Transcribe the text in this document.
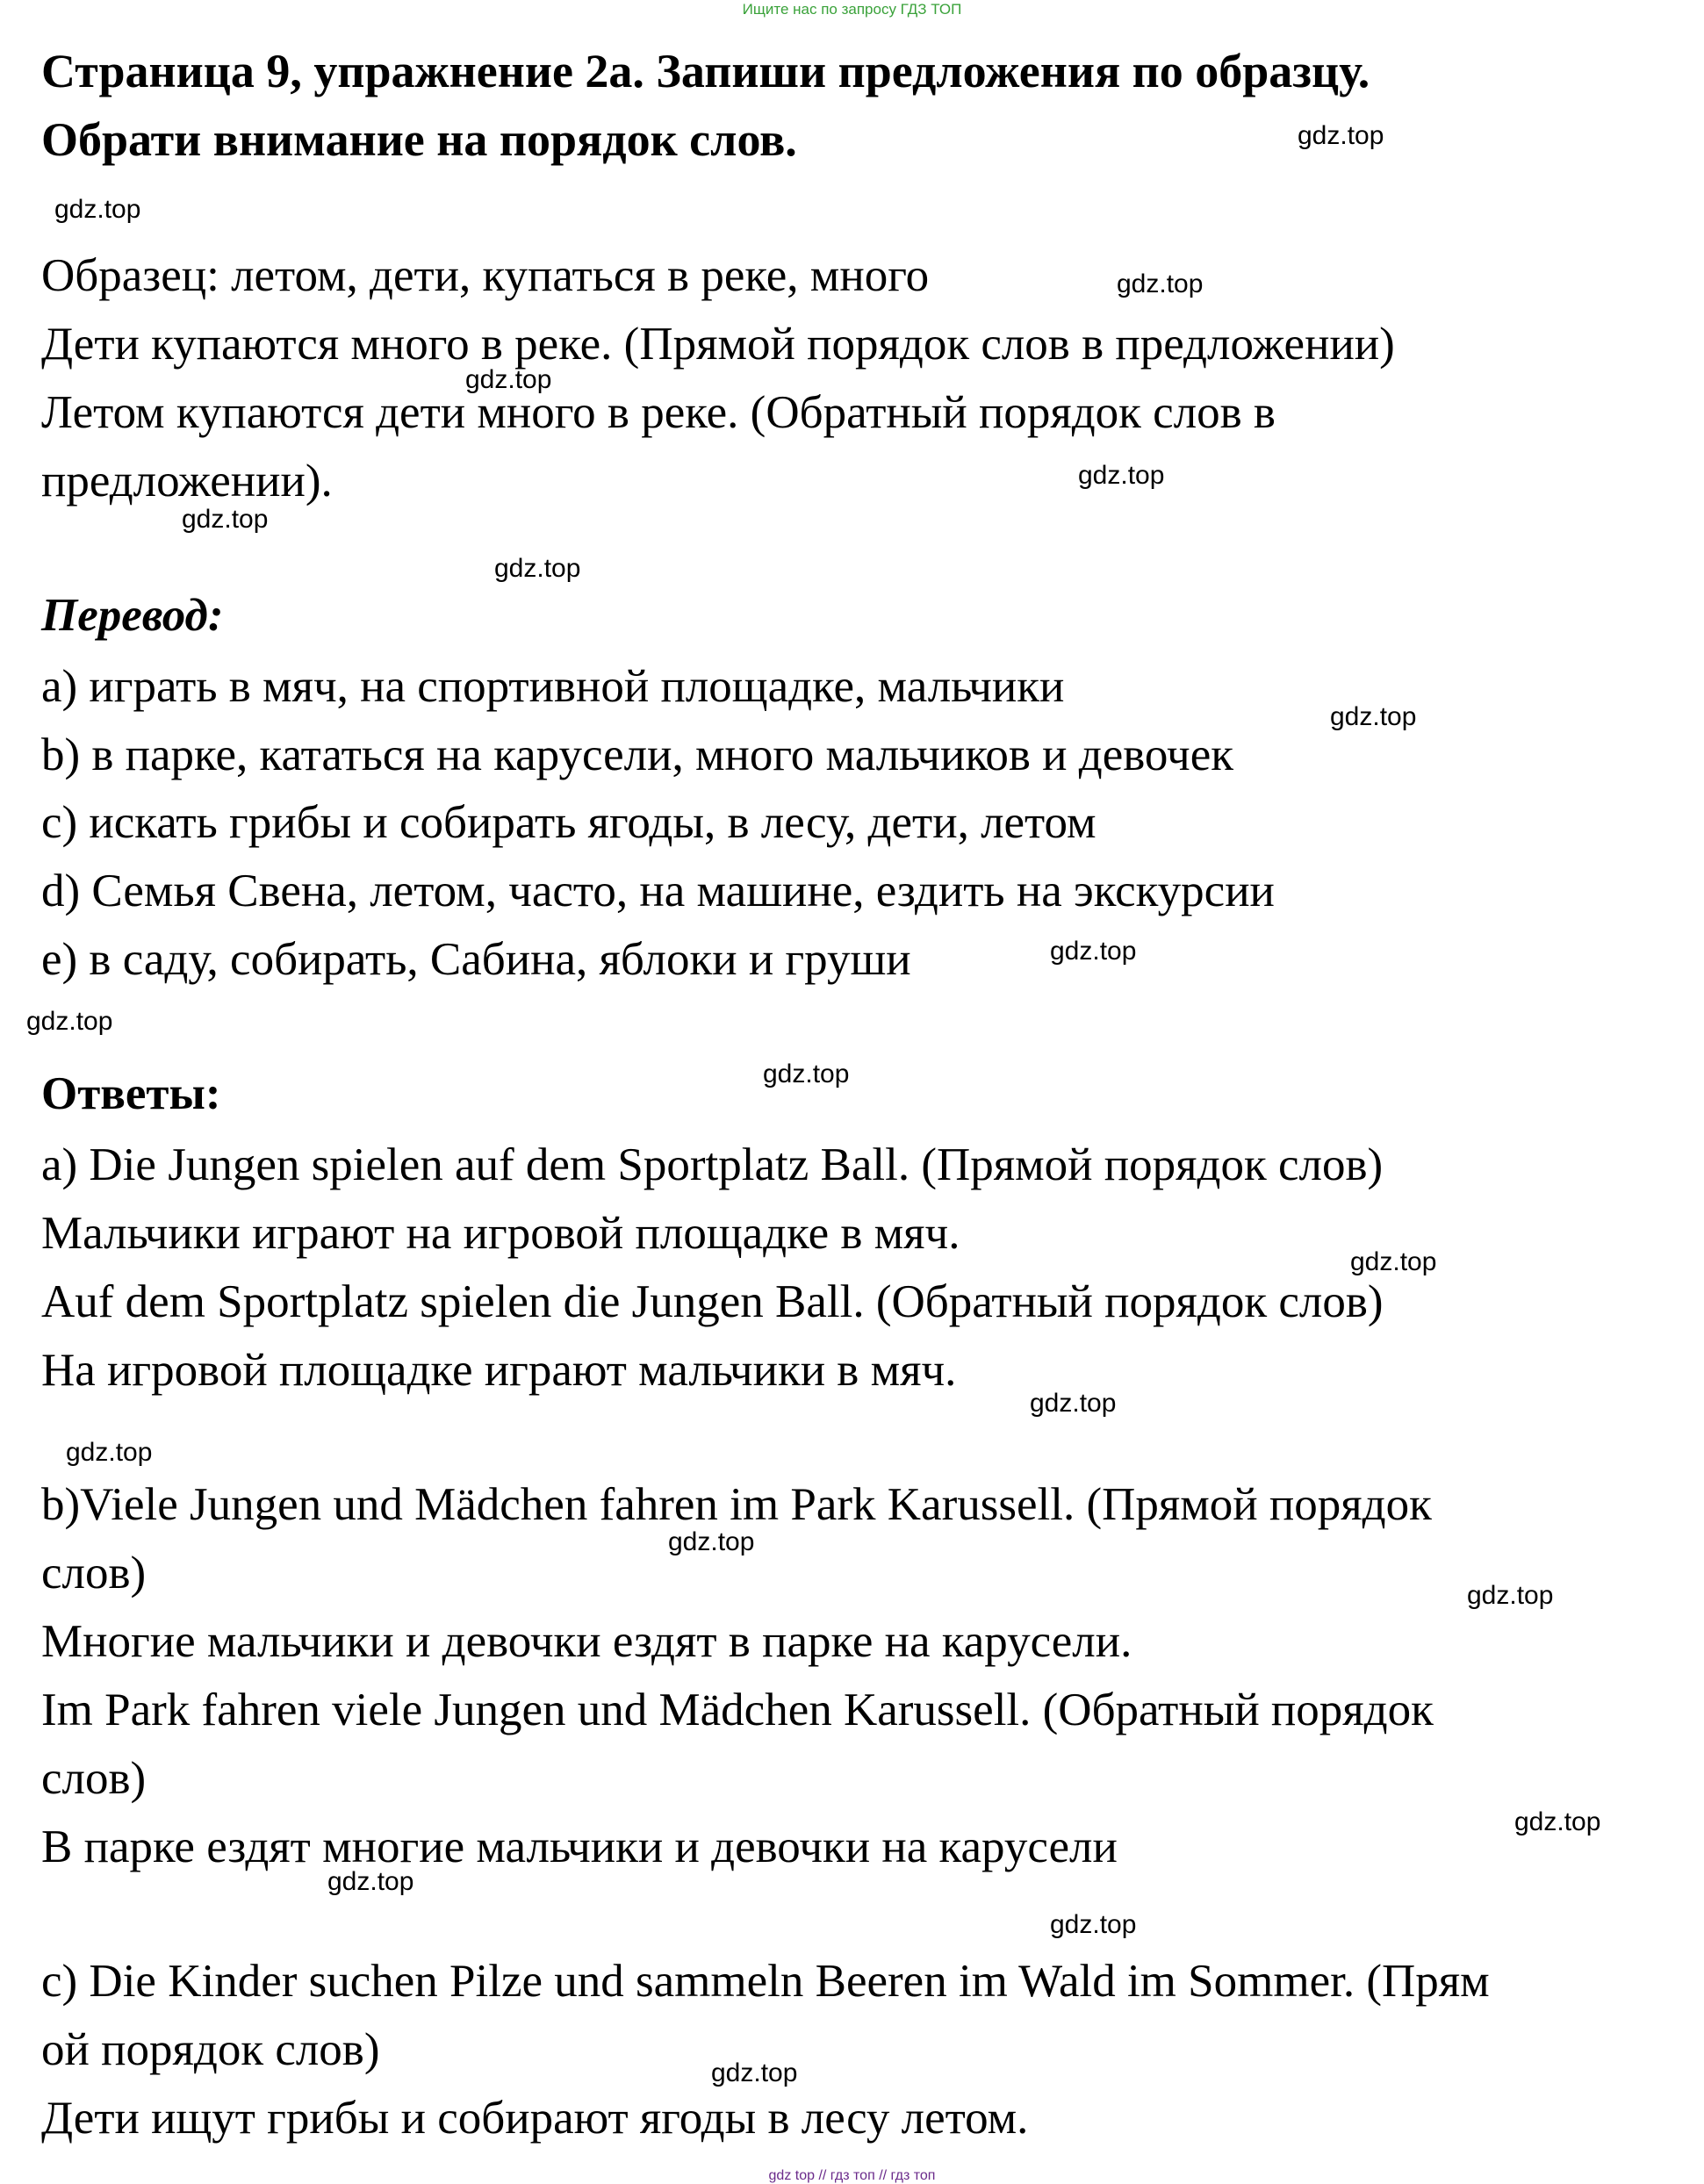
Ищите нас по запросу ГДЗ ТОП
Страница 9, упражнение 2а. Запиши предложения по образцу.
Обрати внимание на порядок слов.
Образец: летом, дети, купаться в реке, много
Дети купаются много в реке. (Прямой порядок слов в предложении)
Летом купаются дети много в реке. (Обратный порядок слов в
предложении).
Перевод:
а) играть в мяч, на спортивной площадке, мальчики
b) в парке, кататься на карусели, много мальчиков и девочек
c) искать грибы и собирать ягоды, в лесу, дети, летом
d) Семья Свена, летом, часто, на машине, ездить на экскурсии
e) в саду, собирать, Сабина, яблоки и груши
Ответы:
а) Die Jungen spielen auf dem Sportplatz Ball. (Прямой порядок слов)
Мальчики играют на игровой площадке в мяч.
Auf dem Sportplatz spielen die Jungen Ball. (Обратный порядок слов)
На игровой площадке играют мальчики в мяч.
b)Viele Jungen und Mädchen fahren im Park Karussell. (Прямой порядок
слов)
Многие мальчики и девочки ездят в парке на карусели.
Im Park fahren viele Jungen und Mädchen Karussell. (Обратный порядок
слов)
В парке ездят многие мальчики и девочки на карусели
c) Die Kinder suchen Pilze und sammeln Beeren im Wald im Sommer. (Прям
ой порядок слов)
Дети ищут грибы и собирают ягоды в лесу летом.
gdz.top
gdz.top
gdz.top
gdz.top
gdz.top
gdz.top
gdz.top
gdz.top
gdz.top
gdz.top
gdz.top
gdz.top
gdz.top
gdz.top
gdz.top
gdz.top
gdz.top
gdz.top
gdz.top
gdz.top
gdz top // гдз топ // гдз топ
